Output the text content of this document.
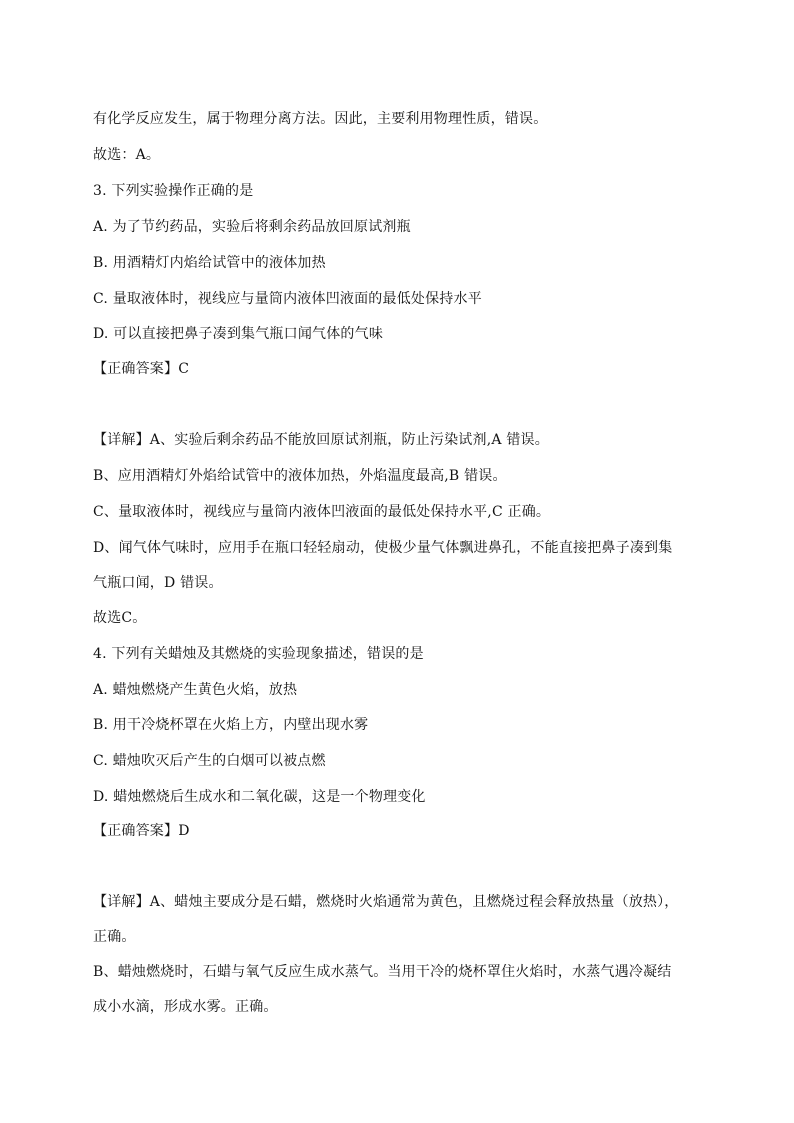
有化学反应发生，属于物理分离方法。因此，主要利用物理性质，错误。
故选：A。
3. 下列实验操作正确的是
A. 为了节约药品，实验后将剩余药品放回原试剂瓶
B. 用酒精灯内焰给试管中的液体加热
C. 量取液体时，视线应与量筒内液体凹液面的最低处保持水平
D. 可以直接把鼻子凑到集气瓶口闻气体的气味
【正确答案】C
【详解】A、实验后剩余药品不能放回原试剂瓶，防止污染试剂,A 错误。
B、应用酒精灯外焰给试管中的液体加热，外焰温度最高,B 错误。
C、量取液体时，视线应与量筒内液体凹液面的最低处保持水平,C 正确。
D、闻气体气味时，应用手在瓶口轻轻扇动，使极少量气体飘进鼻孔，不能直接把鼻子凑到集
气瓶口闻，D 错误。
故选C。
4. 下列有关蜡烛及其燃烧的实验现象描述，错误的是
A. 蜡烛燃烧产生黄色火焰，放热
B. 用干冷烧杯罩在火焰上方，内壁出现水雾
C. 蜡烛吹灭后产生的白烟可以被点燃
D. 蜡烛燃烧后生成水和二氧化碳，这是一个物理变化
【正确答案】D
【详解】A、蜡烛主要成分是石蜡，燃烧时火焰通常为黄色，且燃烧过程会释放热量（放热），
正确。
B、蜡烛燃烧时，石蜡与氧气反应生成水蒸气。当用干冷的烧杯罩住火焰时，水蒸气遇冷凝结
成小水滴，形成水雾。正确。
